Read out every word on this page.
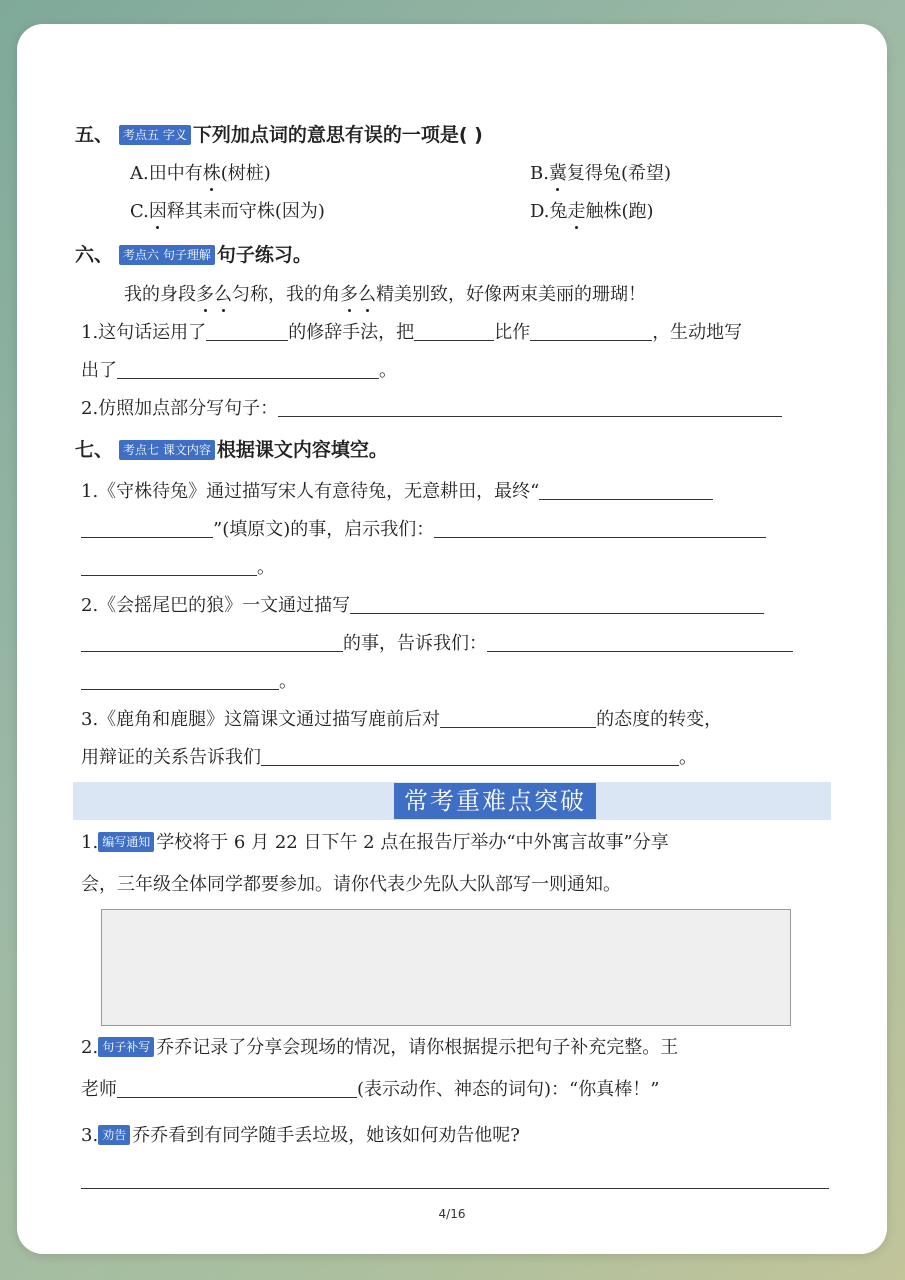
五、 考点五 字义 下列加点词的意思有误的一项是( )
A.田中有株(树桩)	B.冀复得兔(希望)
C.因释其耒而守株(因为)	D.兔走触株(跑)
六、 考点六 句子理解 句子练习。
我的身段多么匀称，我的角多么精美别致，好像两束美丽的珊瑚！
1.这句话运用了	的修辞手法，把	比作	，生动地写
出了	。
2.仿照加点部分写句子：
七、 考点七 课文内容 根据课文内容填空。
1.《守株待兔》通过描写宋人有意待兔，无意耕田，最终“
”(填原文)的事，启示我们：
。
2.《会摇尾巴的狼》一文通过描写
的事，告诉我们：
。
3.《鹿角和鹿腿》这篇课文通过描写鹿前后对	的态度的转变，
用辩证的关系告诉我们	。
常考重难点突破
1. 编写通知 学校将于 6 月 22 日下午 2 点在报告厅举办“中外寓言故事”分享
会，三年级全体同学都要参加。请你代表少先队大队部写一则通知。
2. 句子补写 乔乔记录了分享会现场的情况，请你根据提示把句子补充完整。王
老师	(表示动作、神态的词句)：“你真棒！”
3. 劝告 乔乔看到有同学随手丢垃圾，她该如何劝告他呢?
4/16
